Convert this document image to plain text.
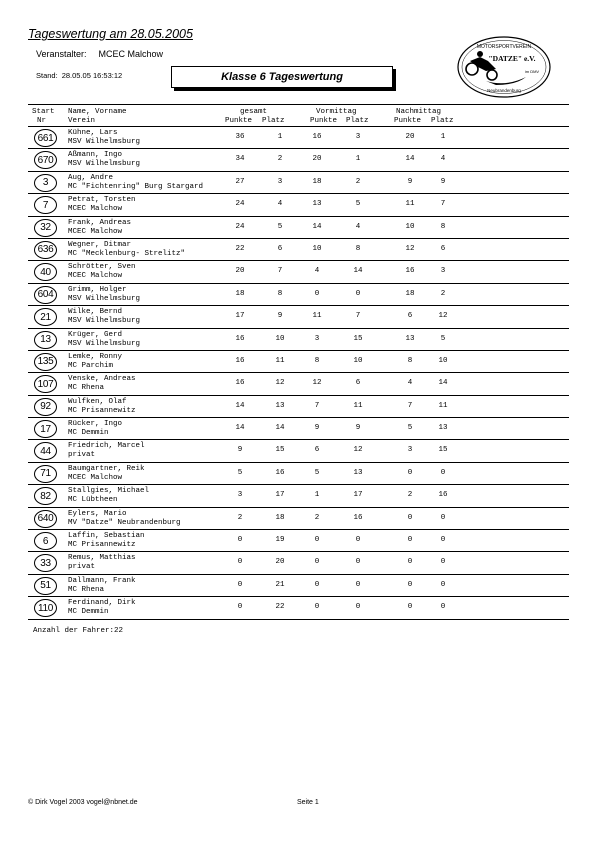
Tageswertung am 28.05.2005
Veranstalter: MCEC Malchow
Stand: 28.05.05 16:53:12	Klasse 6 Tageswertung
MOTORSPORTVEREIN
"DATZE" e.V.
im DMV
Neubrandenburg
Start
Nr
Name, Vorname
Verein
gesamt
Punkte Platz
Vormittag
Punkte Platz
Nachmittag
Punkte Platz
661	Kühne, Lars
MSV Wilhelmsburg
36	1	16	3	20	1
670	Aßmann, Ingo
MSV Wilhelmsburg
34	2	20	1	14	4
3	Aug, Andre
MC "Fichtenring" Burg Stargard
27	3	18	2	9	9
7	Petrat, Torsten
MCEC Malchow
24	4	13	5	11	7
32	Frank, Andreas
MCEC Malchow
24	5	14	4	10	8
636	Wegner, Ditmar
MC "Mecklenburg- Strelitz"
22	6	10	8	12	6
40	Schrötter, Sven
MCEC Malchow
20	7	4	14	16	3
604	Grimm, Holger
MSV Wilhelmsburg
18	8	0	0	18	2
21	Wilke, Bernd
MSV Wilhelmsburg
17	9	11	7	6	12
13	Krüger, Gerd
MSV Wilhelmsburg
16	10	3	15	13	5
135	Lemke, Ronny
MC Parchim
16	11	8	10	8	10
107	Venske, Andreas
MC Rhena
16	12	12	6	4	14
92	Wulfken, Olaf
MC Prisannewitz
14	13	7	11	7	11
17	Rücker, Ingo
MC Demmin
14	14	9	9	5	13
44	Friedrich, Marcel
privat
9	15	6	12	3	15
71	Baumgartner, Reik
MCEC Malchow
5	16	5	13	0	0
82	Stallgies, Michael
MC Lübtheen
3	17	1	17	2	16
640	Eylers, Mario
MV "Datze" Neubrandenburg
2	18	2	16	0	0
6	Laffin, Sebastian
MC Prisannewitz
0	19	0	0	0	0
33	Remus, Matthias
privat
0	20	0	0	0	0
51	Dallmann, Frank
MC Rhena
0	21	0	0	0	0
110	Ferdinand, Dirk
MC Demmin
0	22	0	0	0	0
Anzahl der Fahrer:22
© Dirk Vogel 2003 vogel@nbnet.de	Seite 1
